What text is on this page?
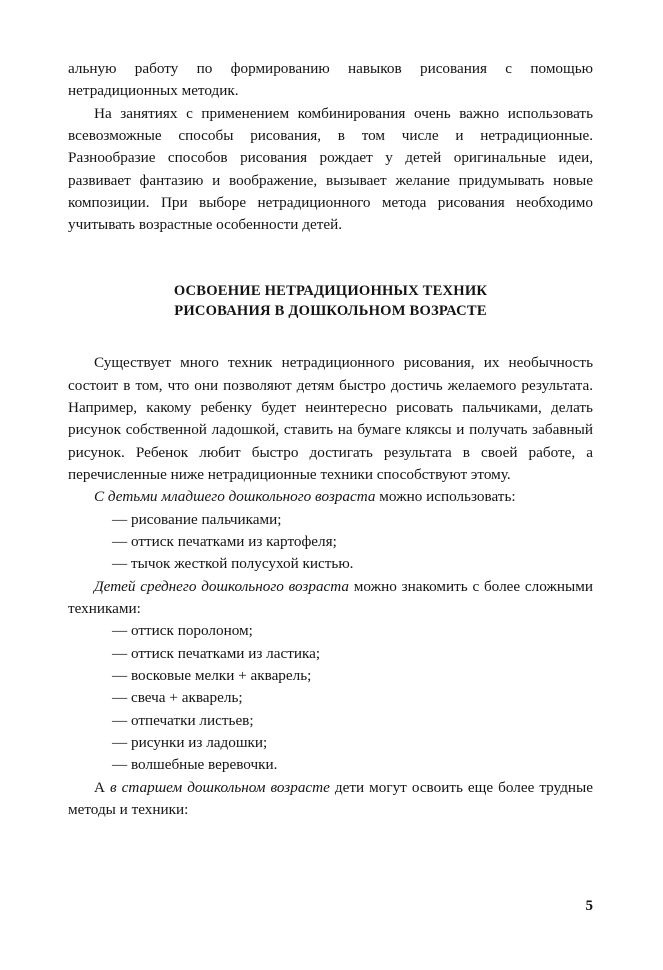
альную работу по формированию навыков рисования с помощью нетрадиционных методик.

На занятиях с применением комбинирования очень важно использовать всевозможные способы рисования, в том числе и нетрадиционные. Разнообразие способов рисования рождает у детей оригинальные идеи, развивает фантазию и воображение, вызывает желание придумывать новые композиции. При выборе нетрадиционного метода рисования необходимо учитывать возрастные особенности детей.

ОСВОЕНИЕ НЕТРАДИЦИОННЫХ ТЕХНИК
РИСОВАНИЯ В ДОШКОЛЬНОМ ВОЗРАСТЕ

Существует много техник нетрадиционного рисования, их необычность состоит в том, что они позволяют детям быстро достичь желаемого результата. Например, какому ребенку будет неинтересно рисовать пальчиками, делать рисунок собственной ладошкой, ставить на бумаге кляксы и получать забавный рисунок. Ребенок любит быстро достигать результата в своей работе, а перечисленные ниже нетрадиционные техники способствуют этому.

С детьми младшего дошкольного возраста можно использовать:

— рисование пальчиками;

— оттиск печатками из картофеля;

— тычок жесткой полусухой кистью.

Детей среднего дошкольного возраста можно знакомить с более сложными техниками:

— оттиск поролоном;

— оттиск печатками из ластика;

— восковые мелки + акварель;

— свеча + акварель;

— отпечатки листьев;

— рисунки из ладошки;

— волшебные веревочки.

А в старшем дошкольном возрасте дети могут освоить еще более трудные методы и техники:

5
